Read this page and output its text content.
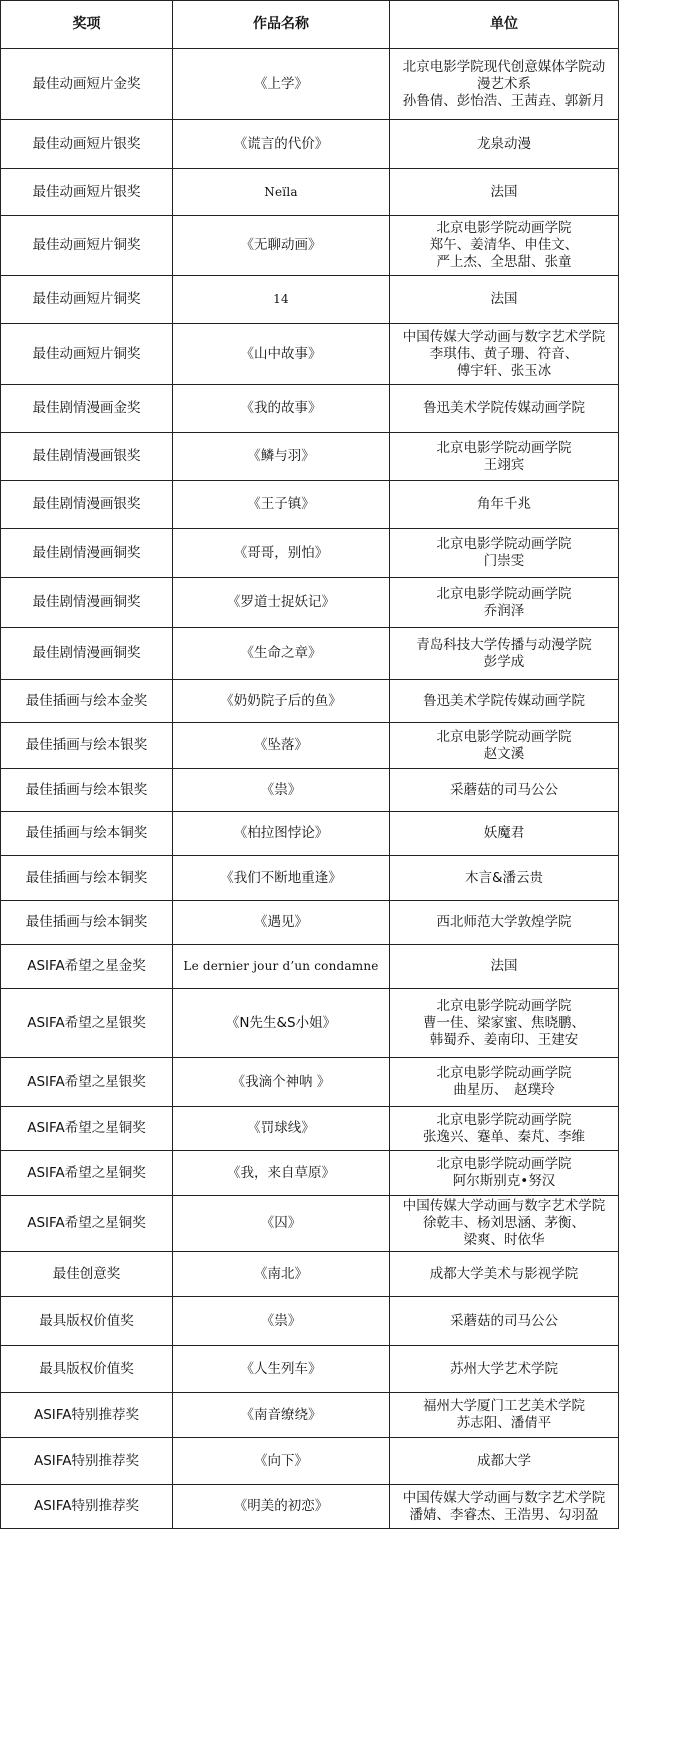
奖项	作品名称	单位
最佳动画短片金奖	《上学》	北京电影学院现代创意媒体学院动
漫艺术系
孙鲁倩、彭怡浩、王茜垚、郭新月

最佳动画短片银奖	《谎言的代价》	龙泉动漫

最佳动画短片银奖	Neïla	法国

最佳动画短片铜奖	《无聊动画》	北京电影学院动画学院
郑午、姜清华、申佳文、
严上杰、全思甜、张童

最佳动画短片铜奖	14	法国

最佳动画短片铜奖	《山中故事》	中国传媒大学动画与数字艺术学院
李琪伟、黄子珊、符音、
傅宇轩、张玉冰

最佳剧情漫画金奖	《我的故事》	鲁迅美术学院传媒动画学院

最佳剧情漫画银奖	《鳞与羽》	北京电影学院动画学院
王翊宾

最佳剧情漫画银奖	《王子镇》	角年千兆

最佳剧情漫画铜奖	《哥哥，别怕》	北京电影学院动画学院
门崇雯

最佳剧情漫画铜奖	《罗道士捉妖记》	北京电影学院动画学院
乔润泽

最佳剧情漫画铜奖	《生命之章》	青岛科技大学传播与动漫学院
彭学成

最佳插画与绘本金奖	《奶奶院子后的鱼》	鲁迅美术学院传媒动画学院

最佳插画与绘本银奖	《坠落》	北京电影学院动画学院
赵文溪

最佳插画与绘本银奖	《祟》	采蘑菇的司马公公

最佳插画与绘本铜奖	《柏拉图悖论》	妖魔君

最佳插画与绘本铜奖	《我们不断地重逢》	木言&潘云贵

最佳插画与绘本铜奖	《遇见》	西北师范大学敦煌学院

ASIFA希望之星金奖	Le dernier jour d’un condamne	法国

ASIFA希望之星银奖	《N先生&S小姐》	北京电影学院动画学院
曹一佳、梁家蜜、焦晓鹏、
韩蜀乔、姜南印、王建安

ASIFA希望之星银奖	《我滴个神呐 》	北京电影学院动画学院
曲星历、　赵璞玲

ASIFA希望之星铜奖	《罚球线》	北京电影学院动画学院
张逸兴、蹇单、秦芃、李维

ASIFA希望之星铜奖	《我，来自草原》	北京电影学院动画学院
阿尔斯别克•努汉

ASIFA希望之星铜奖	《囚》	中国传媒大学动画与数字艺术学院
徐乾丰、杨刘思涵、茅衡、
梁爽、时依华

最佳创意奖	《南北》	成都大学美术与影视学院

最具版权价值奖	《祟》	采蘑菇的司马公公

最具版权价值奖	《人生列车》	苏州大学艺术学院

ASIFA特别推荐奖	《南音缭绕》	福州大学厦门工艺美术学院
苏志阳、潘倩平

ASIFA特别推荐奖	《向下》	成都大学

ASIFA特别推荐奖	《明美的初恋》	中国传媒大学动画与数字艺术学院
潘婧、李睿杰、王浩男、勾羽盈
